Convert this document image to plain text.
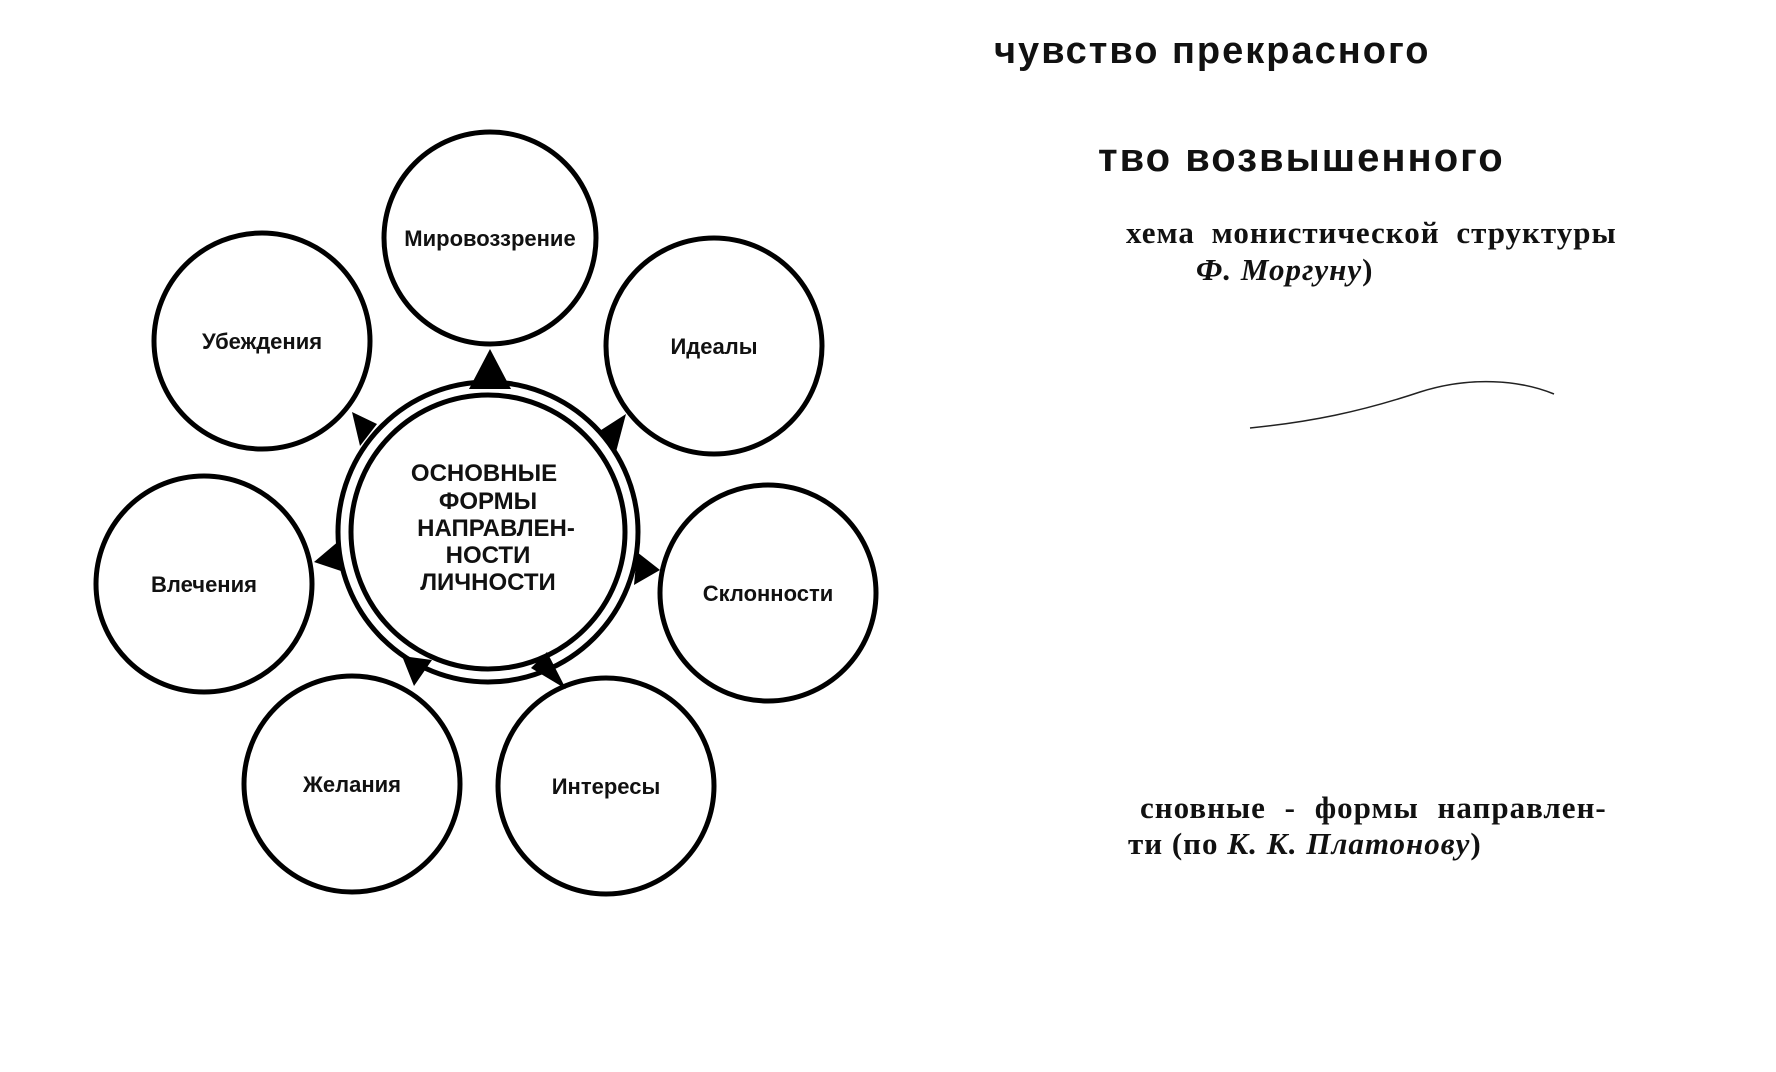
Мировоззрение
Идеалы
Склонности
Интересы
Желания
Влечения
Убеждения
ОСНОВНЫЕ
ФОРМЫ
НАПРАВЛЕН-
НОСТИ
ЛИЧНОСТИ
чувство прекрасного
тво возвышенного
хема монистической структуры
Ф. Моргуну)
сновные - формы направлен-
ти (по К. К. Платонову)
